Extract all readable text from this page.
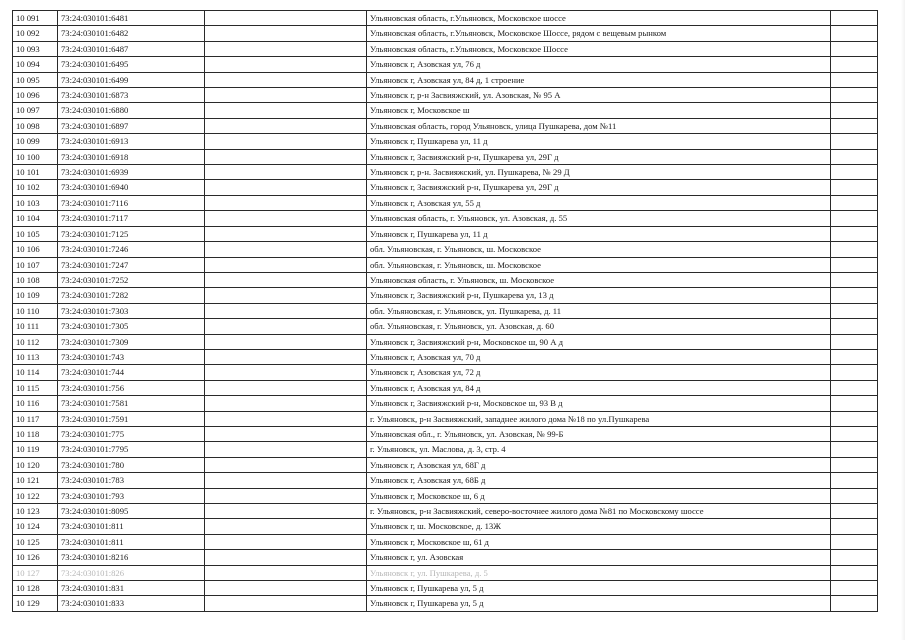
10 091	73:24:030101:6481		Ульяновская область, г.Ульяновск, Московское шоссе	
10 092	73:24:030101:6482		Ульяновская область, г.Ульяновск, Московское Шоссе, рядом с вещевым рынком	
10 093	73:24:030101:6487		Ульяновская область, г.Ульяновск, Московское Шоссе	
10 094	73:24:030101:6495		Ульяновск г, Азовская ул, 76 д	
10 095	73:24:030101:6499		Ульяновск г, Азовская ул, 84 д, 1 строение	
10 096	73:24:030101:6873		Ульяновск г, р-н Засвияжский, ул. Азовская, № 95 А	
10 097	73:24:030101:6880		Ульяновск г, Московское ш	
10 098	73:24:030101:6897		Ульяновская область, город Ульяновск, улица Пушкарева, дом №11	
10 099	73:24:030101:6913		Ульяновск г, Пушкарева ул, 11 д	
10 100	73:24:030101:6918		Ульяновск г, Засвияжский р-н, Пушкарева ул, 29Г д	
10 101	73:24:030101:6939		Ульяновск г, р-н. Засвияжский, ул. Пушкарева, № 29 Д	
10 102	73:24:030101:6940		Ульяновск г, Засвияжский р-н, Пушкарева ул, 29Г д	
10 103	73:24:030101:7116		Ульяновск г, Азовская ул, 55 д	
10 104	73:24:030101:7117		Ульяновская область, г. Ульяновск, ул. Азовская, д. 55	
10 105	73:24:030101:7125		Ульяновск г, Пушкарева ул, 11 д	
10 106	73:24:030101:7246		обл. Ульяновская, г. Ульяновск, ш. Московское	
10 107	73:24:030101:7247		обл. Ульяновская, г. Ульяновск, ш. Московское	
10 108	73:24:030101:7252		Ульяновская область, г. Ульяновск, ш. Московское	
10 109	73:24:030101:7282		Ульяновск г, Засвияжский р-н, Пушкарева ул, 13 д	
10 110	73:24:030101:7303		обл. Ульяновская, г. Ульяновск, ул. Пушкарева, д. 11	
10 111	73:24:030101:7305		обл. Ульяновская, г. Ульяновск, ул. Азовская, д. 60	
10 112	73:24:030101:7309		Ульяновск г, Засвияжский р-н, Московское ш, 90 А д	
10 113	73:24:030101:743		Ульяновск г, Азовская ул, 70 д	
10 114	73:24:030101:744		Ульяновск г, Азовская ул, 72 д	
10 115	73:24:030101:756		Ульяновск г, Азовская ул, 84 д	
10 116	73:24:030101:7581		Ульяновск г, Засвияжский р-н, Московское ш, 93 В д	
10 117	73:24:030101:7591		г. Ульяновск, р-н Засвияжский, западнее жилого дома №18 по ул.Пушкарева	
10 118	73:24:030101:775		Ульяновская обл., г. Ульяновск, ул. Азовская, № 99-Б	
10 119	73:24:030101:7795		г. Ульяновск, ул. Маслова, д. 3, стр. 4	
10 120	73:24:030101:780		Ульяновск г, Азовская ул, 68Г д	
10 121	73:24:030101:783		Ульяновск г, Азовская ул, 68Б д	
10 122	73:24:030101:793		Ульяновск г, Московское ш, 6 д	
10 123	73:24:030101:8095		г. Ульяновск, р-н Засвияжский, северо-восточнее жилого дома №81 по Московскому шоссе	
10 124	73:24:030101:811		Ульяновск г, ш. Московское, д. 13Ж	
10 125	73:24:030101:811		Ульяновск г, Московское ш, 61 д	
10 126	73:24:030101:8216		Ульяновск г, ул. Азовская	
10 127	73:24:030101:826		Ульяновск г, ул. Пушкарева, д. 5	
10 128	73:24:030101:831		Ульяновск г, Пушкарева ул, 5 д	
10 129	73:24:030101:833		Ульяновск г, Пушкарева ул, 5 д	
